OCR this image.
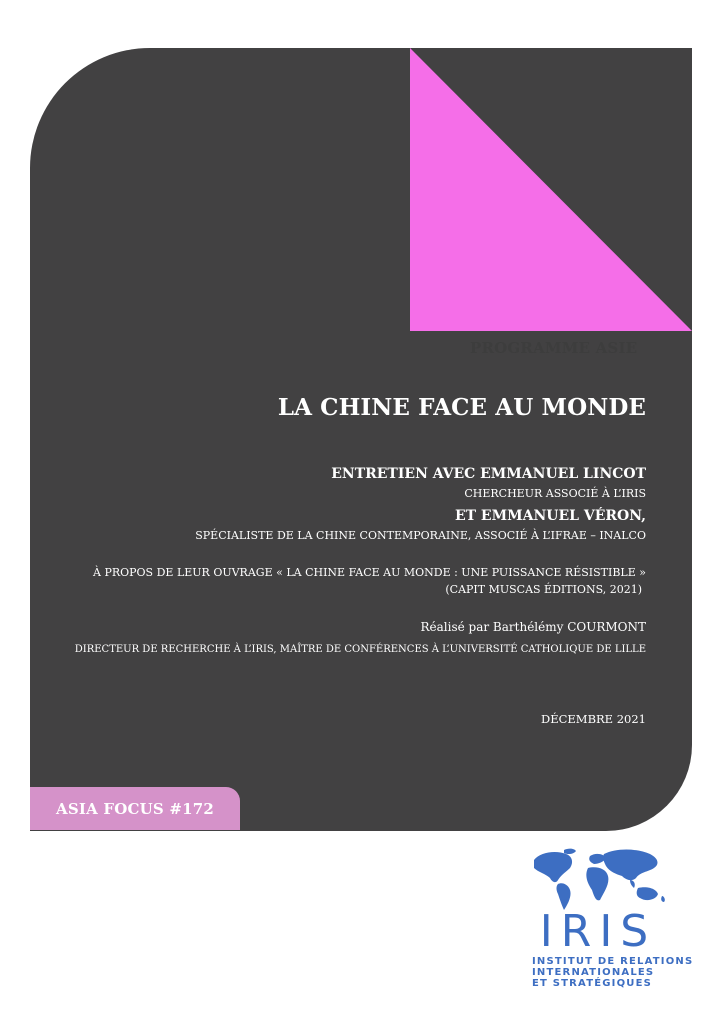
PROGRAMME ASIE

LA CHINE FACE AU MONDE

ENTRETIEN AVEC EMMANUEL LINCOT

CHERCHEUR ASSOCIÉ À L’IRIS

ET EMMANUEL VÉRON,

SPÉCIALISTE DE LA CHINE CONTEMPORAINE, ASSOCIÉ À L’IFRAE – INALCO

À PROPOS DE LEUR OUVRAGE « LA CHINE FACE AU MONDE : UNE PUISSANCE RÉSISTIBLE »

(CAPIT MUSCAS ÉDITIONS, 2021)

Réalisé par Barthélémy COURMONT

DIRECTEUR DE RECHERCHE À L’IRIS, MAÎTRE DE CONFÉRENCES À L’UNIVERSITÉ CATHOLIQUE DE LILLE

DÉCEMBRE 2021

ASIA FOCUS #172

IRIS

INSTITUT DE RELATIONS

INTERNATIONALES

ET STRATÉGIQUES
